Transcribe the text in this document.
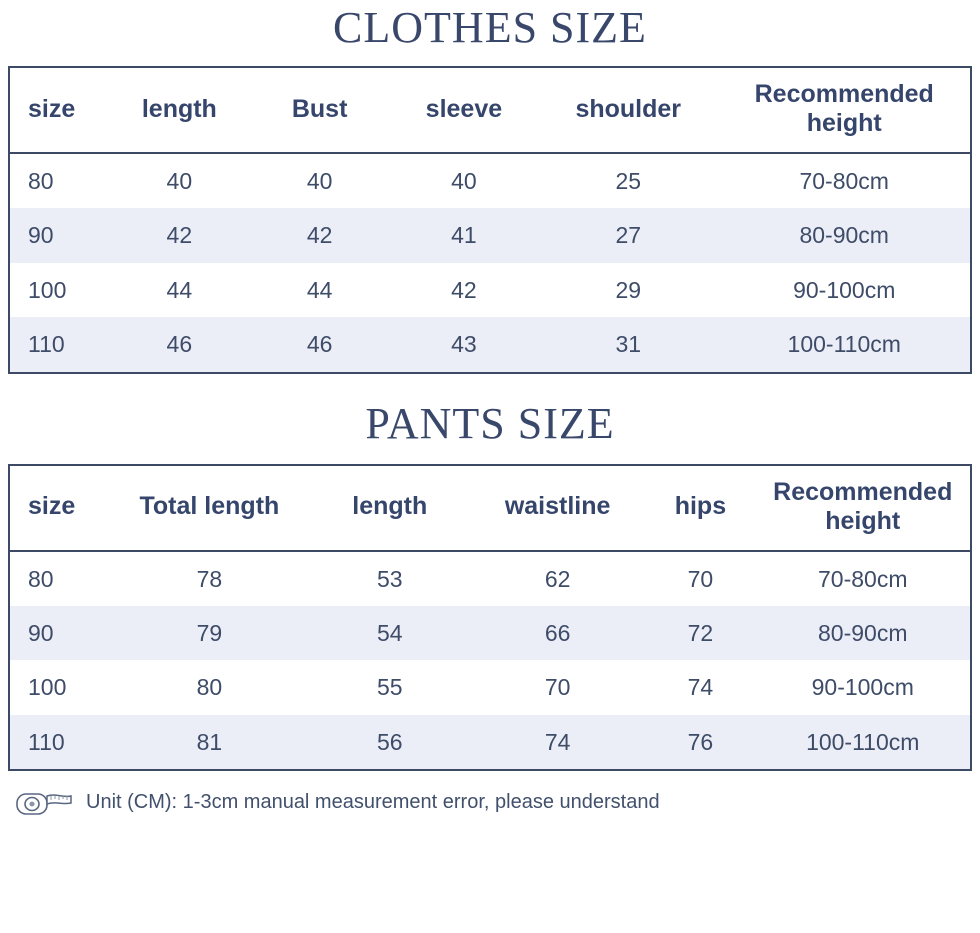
CLOTHES SIZE
size	length	Bust	sleeve	shoulder	Recommended height
80	40	40	40	25	70-80cm
90	42	42	41	27	80-90cm
100	44	44	42	29	90-100cm
110	46	46	43	31	100-110cm
PANTS SIZE
size	Total length	length	waistline	hips	Recommended height
80	78	53	62	70	70-80cm
90	79	54	66	72	80-90cm
100	80	55	70	74	90-100cm
110	81	56	74	76	100-110cm
Unit (CM): 1-3cm manual measurement error, please understand
